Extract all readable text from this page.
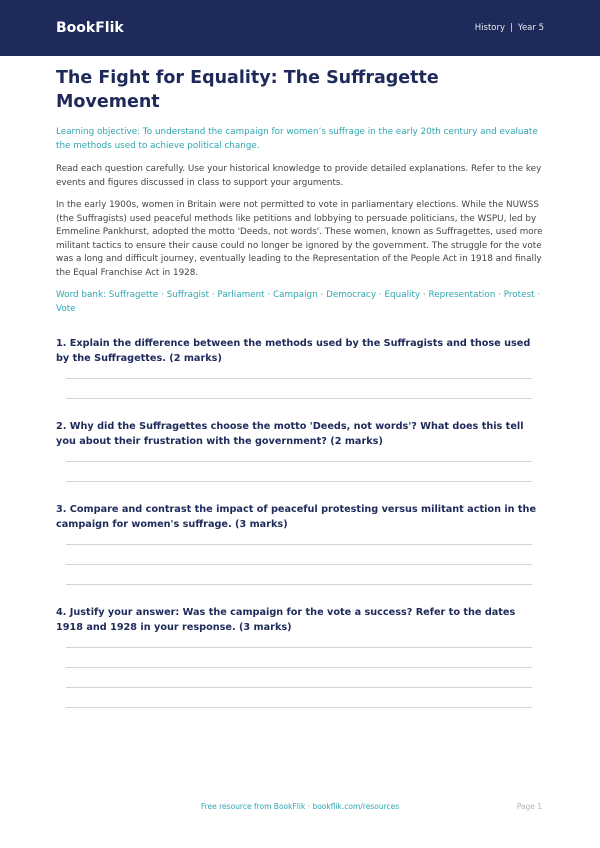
BookFlik	History | Year 5
The Fight for Equality: The Suffragette Movement

Learning objective: To understand the campaign for women’s suffrage in the early 20th century and evaluate the methods used to achieve political change.

Read each question carefully. Use your historical knowledge to provide detailed explanations. Refer to the key events and figures discussed in class to support your arguments.

In the early 1900s, women in Britain were not permitted to vote in parliamentary elections. While the NUWSS (the Suffragists) used peaceful methods like petitions and lobbying to persuade politicians, the WSPU, led by Emmeline Pankhurst, adopted the motto 'Deeds, not words'. These women, known as Suffragettes, used more militant tactics to ensure their cause could no longer be ignored by the government. The struggle for the vote was a long and difficult journey, eventually leading to the Representation of the People Act in 1918 and finally the Equal Franchise Act in 1928.

Word bank: Suffragette · Suffragist · Parliament · Campaign · Democracy · Equality · Representation · Protest · Vote

1. Explain the difference between the methods used by the Suffragists and those used by the Suffragettes. (2 marks)
2. Why did the Suffragettes choose the motto 'Deeds, not words'? What does this tell you about their frustration with the government? (2 marks)
3. Compare and contrast the impact of peaceful protesting versus militant action in the campaign for women's suffrage. (3 marks)
4. Justify your answer: Was the campaign for the vote a success? Refer to the dates 1918 and 1928 in your response. (3 marks)
Free resource from BookFlik · bookflik.com/resources	Page 1
